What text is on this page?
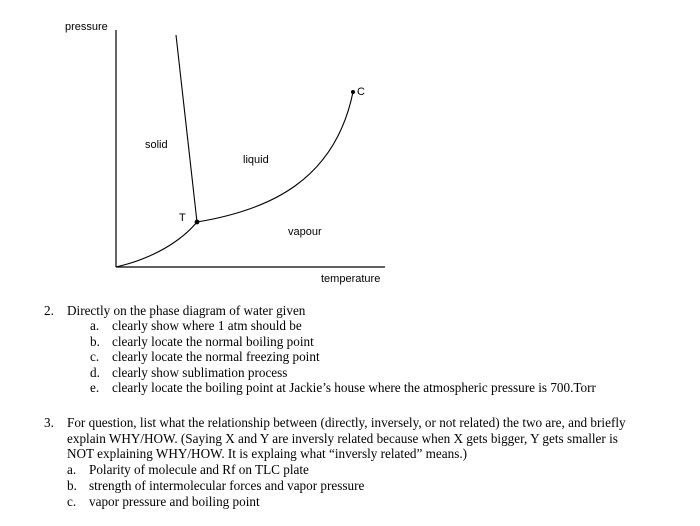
pressure
temperature
solid
liquid
vapour
T
C
2. Directly on the phase diagram of water given
a. clearly show where 1 atm should be
b. clearly locate the normal boiling point
c. clearly locate the normal freezing point
d. clearly show sublimation process
e. clearly locate the boiling point at Jackie’s house where the atmospheric pressure is 700.Torr
3. For question, list what the relationship between (directly, inversely, or not related) the two are, and briefly
explain WHY/HOW. (Saying X and Y are inversly related because when X gets bigger, Y gets smaller is
NOT explaining WHY/HOW. It is explaing what “inversly related” means.)
a. Polarity of molecule and Rf on TLC plate
b. strength of intermolecular forces and vapor pressure
c. vapor pressure and boiling point
